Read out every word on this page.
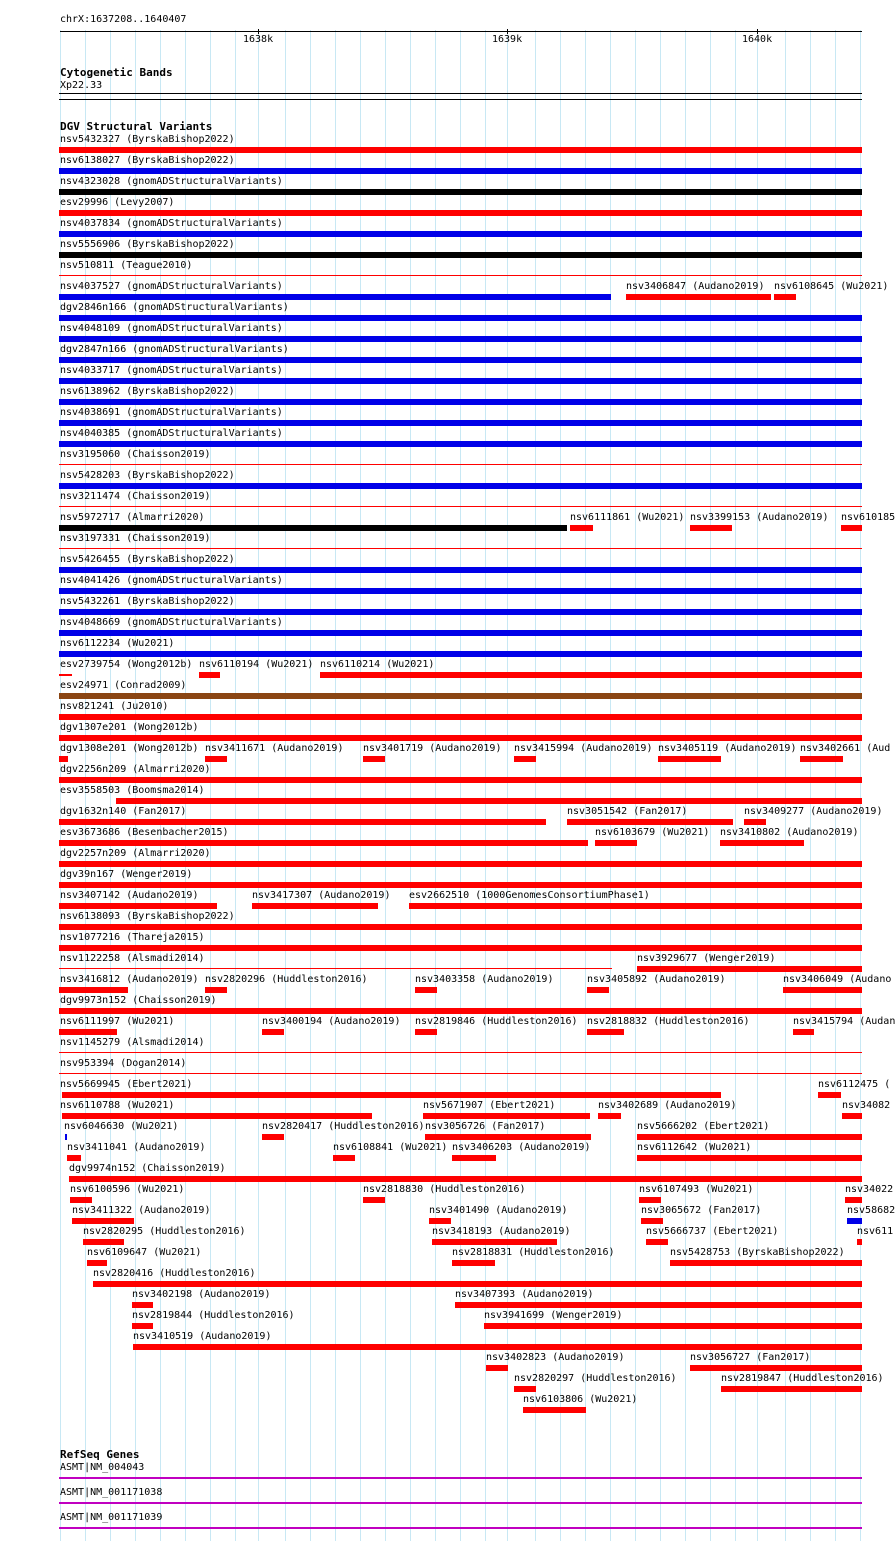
chrX:1637208..1640407
1638k	1639k	1640k
Cytogenetic Bands
Xp22.33
DGV Structural Variants
nsv5432327 (ByrskaBishop2022)
nsv6138027 (ByrskaBishop2022)
nsv4323028 (gnomADStructuralVariants)
esv29996 (Levy2007)
nsv4037834 (gnomADStructuralVariants)
nsv5556906 (ByrskaBishop2022)
nsv510811 (Teague2010)
nsv4037527 (gnomADStructuralVariants)	nsv3406847 (Audano2019) nsv6108645 (Wu2021)
dgv2846n166 (gnomADStructuralVariants)
nsv4048109 (gnomADStructuralVariants)
dgv2847n166 (gnomADStructuralVariants)
nsv4033717 (gnomADStructuralVariants)
nsv6138962 (ByrskaBishop2022)
nsv4038691 (gnomADStructuralVariants)
nsv4040385 (gnomADStructuralVariants)
nsv3195060 (Chaisson2019)
nsv5428203 (ByrskaBishop2022)
nsv3211474 (Chaisson2019)
nsv5972717 (Almarri2020)	nsv6111861 (Wu2021) nsv3399153 (Audano2019) nsv610185
nsv3197331 (Chaisson2019)
nsv5426455 (ByrskaBishop2022)
nsv4041426 (gnomADStructuralVariants)
nsv5432261 (ByrskaBishop2022)
nsv4048669 (gnomADStructuralVariants)
nsv6112234 (Wu2021)
esv2739754 (Wong2012b) nsv6110194 (Wu2021) nsv6110214 (Wu2021)
esv24971 (Conrad2009)
nsv821241 (Ju2010)
dgv1307e201 (Wong2012b)
dgv1308e201 (Wong2012b) nsv3411671 (Audano2019) nsv3401719 (Audano2019) nsv3415994 (Audano2019) nsv3405119 (Audano2019) nsv3402661 (Aud
dgv2256n209 (Almarri2020)
esv3558503 (Boomsma2014)
dgv1632n140 (Fan2017)	nsv3051542 (Fan2017)	nsv3409277 (Audano2019)
esv3673686 (Besenbacher2015)	nsv6103679 (Wu2021) nsv3410802 (Audano2019)
dgv2257n209 (Almarri2020)
dgv39n167 (Wenger2019)
nsv3407142 (Audano2019)	nsv3417307 (Audano2019) esv2662510 (1000GenomesConsortiumPhase1)
nsv6138093 (ByrskaBishop2022)
nsv1077216 (Thareja2015)
nsv1122258 (Alsmadi2014)	nsv3929677 (Wenger2019)
nsv3416812 (Audano2019) nsv2820296 (Huddleston2016)	nsv3403358 (Audano2019)	nsv3405892 (Audano2019)	nsv3406049 (Audano
dgv9973n152 (Chaisson2019)
nsv6111997 (Wu2021)	nsv3400194 (Audano2019) nsv2819846 (Huddleston2016) nsv2818832 (Huddleston2016)	nsv3415794 (Audan
nsv1145279 (Alsmadi2014)
nsv953394 (Dogan2014)
nsv5669945 (Ebert2021)	nsv6112475 (
nsv6110788 (Wu2021)	nsv5671907 (Ebert2021)	nsv3402689 (Audano2019)	nsv34082
nsv6046630 (Wu2021)	nsv2820417 (Huddleston2016) nsv3056726 (Fan2017)	nsv5666202 (Ebert2021)
nsv3411041 (Audano2019)	nsv6108841 (Wu2021) nsv3406203 (Audano2019)	nsv6112642 (Wu2021)
dgv9974n152 (Chaisson2019)
nsv6100596 (Wu2021)	nsv2818830 (Huddleston2016)	nsv6107493 (Wu2021)	nsv34022
nsv3411322 (Audano2019)	nsv3401490 (Audano2019)	nsv3065672 (Fan2017)	nsv58682
nsv2820295 (Huddleston2016)	nsv3418193 (Audano2019)	nsv5666737 (Ebert2021)	nsv611
nsv6109647 (Wu2021)	nsv2818831 (Huddleston2016)	nsv5428753 (ByrskaBishop2022)
nsv2820416 (Huddleston2016)
nsv3402198 (Audano2019)	nsv3407393 (Audano2019)
nsv2819844 (Huddleston2016)	nsv3941699 (Wenger2019)
nsv3410519 (Audano2019)
nsv3402823 (Audano2019)	nsv3056727 (Fan2017)
nsv2820297 (Huddleston2016)	nsv2819847 (Huddleston2016)
nsv6103806 (Wu2021)
RefSeq Genes
ASMT|NM_004043
ASMT|NM_001171038
ASMT|NM_001171039
